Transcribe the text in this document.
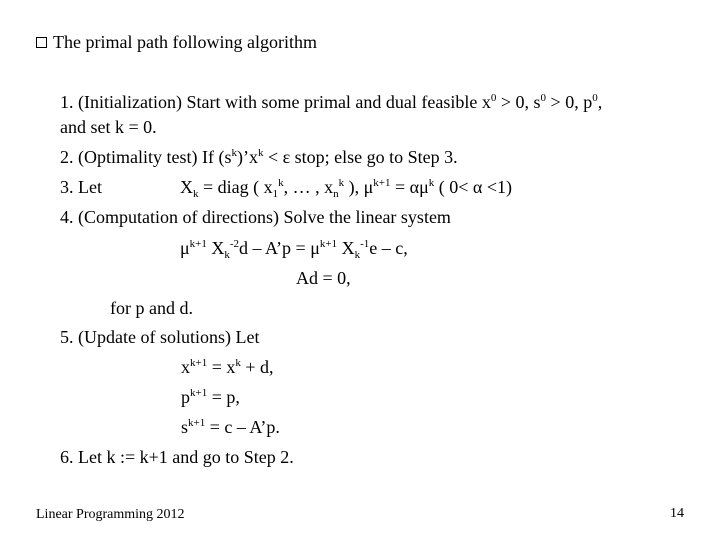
The primal path following algorithm
1. (Initialization) Start with some primal and dual feasible $x^0 > 0$, $s^0 > 0$, $p^0$,
and set k = 0.
2. (Optimality test) If $(s^k)’x^k < \varepsilon$ stop; else go to Step 3.
3. Let	$X_k$ = diag ( $x_1^k$, … , $x_n^k$ ), $\mu^{k+1} = \alpha\mu^k$ ( 0< α <1)
4. (Computation of directions) Solve the linear system
$\mu^{k+1}$ $X_k^{-2}d$ – A’p = $\mu^{k+1}$ $X_k^{-1}e$ – c,
Ad = 0,
for p and d.
5. (Update of solutions) Let
$x^{k+1} = x^k + d$,
$p^{k+1} = p$,
$s^{k+1} = c$ – A’p.
6. Let k := k+1 and go to Step 2.
Linear Programming 2012	14
